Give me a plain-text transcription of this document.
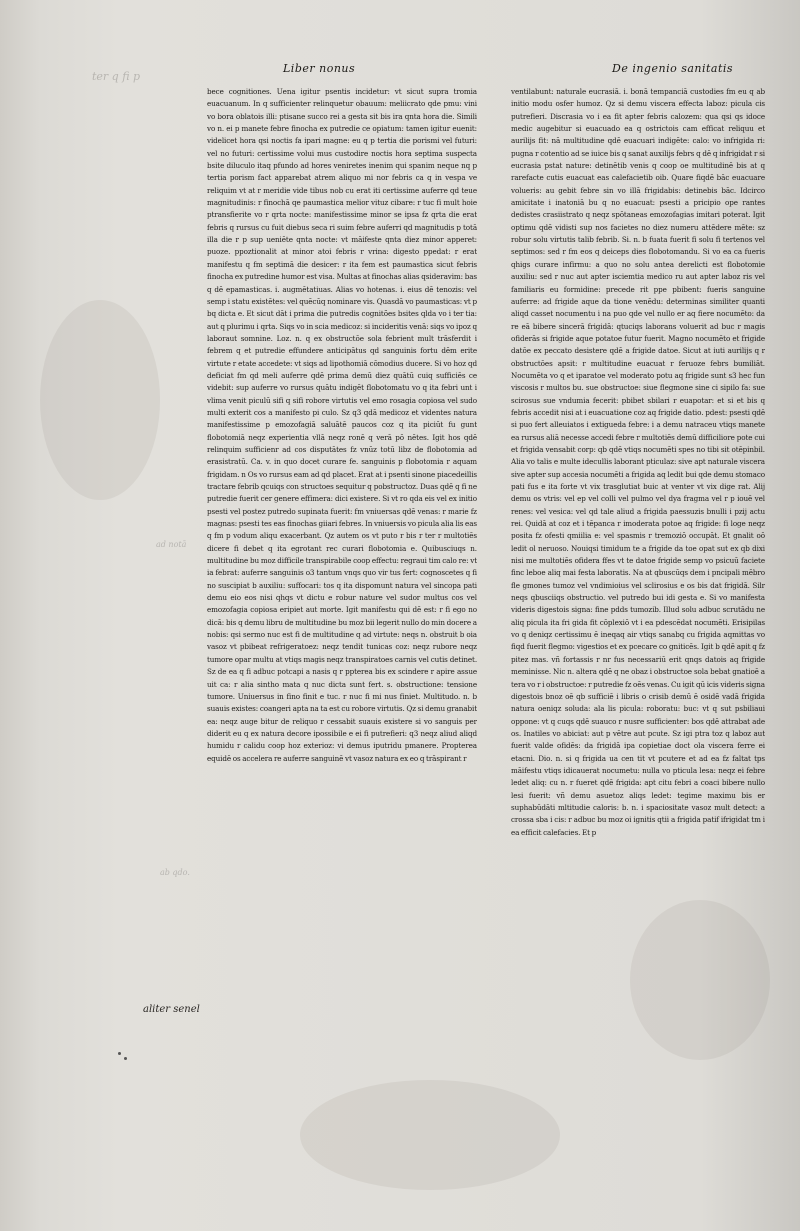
ter q fi p
ad notā
ab qdo.
Liber nonus	De ingenio sanitatis
bece cognitiones. Uena igitur psentis incidetur: vt sicut supra tromia euacuanum. In q sufficienter relinquetur obauum: meliicrato qde pmu: vini vo bora oblatois illi: ptisane succo rei a gesta sit bis ira qnta hora die. Simili vo n. ei p manete febre finocha ex putredie ce opiatum: tamen igitur euenit: videlicet hora qsi noctis fa ipari magne: eu q p tertia die porismi vel futuri: vel no futuri: certissime volui mus custodire noctis hora septima suspecta bsite diluculo itaq pfundo ad hores veniretes inenim qui spanim neque nq p tertia porism fact apparebat atrem aliquo mi nor febris ca q in vespa ve reliquim vt at r meridie vide tibus nob cu erat iti certissime auferre qd teue magnitudinis: r finochā qe paumastica melior vituz cibare: r tuc fi mult hoie ptransfierite vo r qrta nocte: manifestissime minor se ipsa fz qrta die erat febris q rursus cu fuit diebus seca ri suim febre auferri qd magnitudis p totā illa die r p sup ueniēte qnta nocte: vt māifeste qnta diez minor apperet: puoze. ppoztionalit at minor atoi febris r vrina: digesto ppedat: r erat manifestu q fm septimā die desicer: r ita fem est paumastica sicut febris finocha ex putredine humor est visa. Multas at finochas alias qsideravim: bas q dē epamasticas. i. augmētatiuas. Alias vo hotenas. i. eius dē tenozis: vel semp i statu existētes: vel quēcūq nominare vis. Quasdā vo paumasticas: vt p bq dicta e. Et sicut dāt i prima die putredis cognitões bsites qlda vo i ter tia: aut q plurimu i qrta. Siqs vo in scia medicoz: si incideritis venā: siqs vo ipoz q laboraut somnine. Loz. n. q ex obstructōe sola febrient mult trāsferdit i febrem q et putredie effundere anticipātus qd sanguinis fortu dēm erite virtute r etate accedete: vt siqs ad lipothomiā cōmodius ducere. Si vo hoz qd deficiat fm qd meli auferre qdē prima demū diez quātū cuiq sufficiēs ce videbit: sup auferre vo rursus quātu indigēt flobotomatu vo q ita febri unt i vlima venit piculū sifi q sifi robore virtutis vel emo rosagia copiosa vel sudo multi exterit cos a manifesto pi culo. Sz q3 qdā medicoz et videntes natura manifestissime p emozofagiā saluātē paucos coz q ita piciūt fu gunt flobotomiā neqz experientia vllā neqz ronē q verā pō nētes. Igit hos qdē relinquim sufficienr ad cos disputātes fz vnūz totū libz de flobotomia ad erasistratū. Ca. v. in quo docet curare fe. sanguinis p flobotomia r aquam frigidam. n Os vo rursus eam ad qd placet. Erat at i psenti sinone piacedeillis tractare febrib qcuiqs con structoes sequitur q pobstructoz. Duas qdē q fi ne putredie fuerit cer genere effimera: dici existere. Si vt ro qda eis vel ex initio psesti vel postez putredo supinata fuerit: fm vniuersas qdē venas: r marie fz magnas: psesti tes eas finochas giiari febres. In vniuersis vo picula alia lis eas q fm p vodum aliqu exacerbant. Qz autem os vt puto r bis r ter r multotiēs dicere fi debet q ita egrotant rec curari flobotomia e. Quibusciuqs n. multitudine bu moz difficile transpirabile coop effectu: regraui tim calo re: vt ia febrat: auferre sanguinis o3 tantum vnqs quo vir tus fert: cognoscetes q fi no suscipiat b auxiliu: suffocari: tos q ita dispomunt natura vel sincopa pati demu eio eos nisi qhqs vt dictu e robur nature vel sudor multus cos vel emozofagia copiosa eripiet aut morte. Igit manifestu qui dē est: r fi ego no dicā: bis q demu libru de multitudine bu moz bii legerit nullo do min docere a nobis: qsi sermo nuc est fi de multitudine q ad virtute: neqs n. obstruit b oia vasoz vt pbibeat refrigeratoez: neqz tendit tunicas coz: neqz rubore neqz tumore opar multu at vtiqs magis neqz transpiratoes carnis vel cutis detinet. Sz de ea q fi adbuc potcapi a nasis q r ppterea bis ex scindere r apire assue uit ca: r alia sintho mata q nuc dicta sunt fert. s. obstructione: tensione tumore. Uniuersus in fino finit e tuc. r nuc fi mi nus finiet. Multitudo. n. b suauis existes: coangeri apta na ta est cu robore virtutis. Qz si demu granabit ea: neqz auge bitur de reliquo r cessabit suauis existere si vo sanguis per diderit eu q ex natura decore ipossibile e ei fi putrefieri: q3 neqz aliud aliqd humidu r calidu coop hoz exterioz: vi demus iputridu pmanere. Propterea equidē os accelera re auferre sanguinē vt vasoz natura ex eo q trāspirant r
ventilabunt: naturale eucrasiā. i. bonā tempanciā custodies fm eu q ab initio modu osfer humoz. Qz si demu viscera effecta laboz: picula cis putrefieri. Discrasia vo i ea fit apter febris calozem: qua qsi qs idoce medic augebitur si euacuado ea q ostrictois cam efficat reliquu et aurilijs fit: nā multitudine qdē euacuari indigēte: calo: vo infrigida ri: pugna r cotentio ad se iuice bis q sanat auxilijs febrs q dē q infrigidat r si eucrasia pstat nature: detinētib venis q coop oe multitudinē bis at q rarefacte cutis euacuat eas calefacietib oib. Quare fiqdē bāc euacuare volueris: au gebit febre sin vo illā frigidabis: detinebis bāc. Idcirco amicitate i inatoniā bu q no euacuat: psesti a pricipio ope rantes dedistes crasiistrato q neqz spōtaneas emozofagias imitari poterat. Igit optimu qdē vidisti sup nos facietes no diez numeru attēdere mēte: sz robur solu virtutis talib febrib. Si. n. b fuata fuerit fi solu fi tertenos vel septimos: sed r fm eos q deiceps dies flobotomandu. Si vo ea ca fueris qhigs curare infirmu: a quo no solu antea derelicti est flobotomie auxiliu: sed r nuc aut apter isciemtia medico ru aut apter laboz ris vel familiaris eu formidine: precede rit ppe pbibent: fueris sanguine auferre: ad frigide aque da tione venēdu: determinas similiter quanti aliqd casset nocumentu i na puo qde vel nullo er aq fiere nocumēto: da re eā bibere sincerā frigidā: qtuciqs laborans voluerit ad buc r magis ofiderās si frigide aque potatoe futur fuerit. Magno nocumēto et frigide datōe ex peccato desistere qdē a frigide datoe. Sicut at iuti aurilijs q r obstructōes apsit: r multitudine euacuat r feruoze febrs bumiliāt. Nocumēta vo q et iparatoe vel moderato potu aq frigide sunt s3 hec fun viscosis r multos bu. sue obstructoe: siue flegmone sine ci sipilo fa: sue scirosus sue vndumia fecerit: pbibet sbilari r euapotar: et si et bis q febris accedit nisi at i euacuatione coz aq frigide datio. pdest: psesti qdē si puo fert alleuiatos i extigueda febre: i a demu natraceu vtiqs manete ea rursus aliā necesse accedi febre r multotiēs demū difficiliore pote cui et frigida vensabit corp: qb qdē vtiqs nocumēti spes no tibi sit otēpinbil. Alia vo talis e multe idecullis laborant pticulaz: sive apt naturale viscera sive apter sup accesia nocumēti a frigida aq ledit bui qde demu stomaco pati fus e ita forte vt vix trasglutiat buic at venter vt vix dige rat. Alij demu os vtris: vel ep vel colli vel pulmo vel dya fragma vel r p iouē vel renes: vel vesica: vel qd tale aliud a frigida paessuzis bnulli i pzij actu rei. Quidā at coz et i tēpanca r imoderata potoe aq frigide: fi loge neqz posita fz ofesti qmiilia e: vel spasmis r tremoziō occupāt. Et gnalit oō ledit ol neruoso. Nouiqsi timidum te a frigide da toe opat sut ex qb dixi nisi me multotiēs ofidera ffes vt te datoe frigide semp vo psicuū faciete finc leboe aliq mai festa laboratis. Na at qbuscūqs dem i pncipali mēbro fle gmones tumoz vel vndimioius vel sclirosius e os bis dat frigidā. Silr neqs qbusciiqs obstructio. vel putredo bui idi gesta e. Si vo manifesta videris digestois signa: fine pdds tumozib. Illud solu adbuc scrutādu ne aliq picula ita fri gida fit cōplexiō vt i ea pdescēdat nocumēti. Erisipilas vo q deniqz certissimu ē ineqaq air vtiqs sanabq cu frigida aqmittas vo fiqd fuerit flegmo: vigestios et ex pcecare co gniticēs. Igit b qdē apit q fz pitez mas. vñ fortassis r nr fus necessariū erit qnqs datois aq frigide meminisse. Nic n. altera qdē q ne obaz i obstructoe sola bebat gnatioē a tera vo r i obstructoe: r putredie fz oēs venas. Cu igit qū icis videris signa digestois bnoz oē qb sufficiē i libris o crisib demū ē osidē vadā frigida natura oeniqz soluda: ala lis picula: roboratu: buc: vt q sut psbiliaui oppone: vt q cuqs qdē suauco r nusre sufficienter: bos qdē attrabat ade os. Inatiles vo abiciat: aut p vētre aut pcute. Sz igi ptra toz q laboz aut fuerit valde ofidēs: da frigidā ipa copietiae doct ola viscera ferre ei etacni. Dio. n. si q frigida ua cen tit vt pcutere et ad ea fz faltat tps māifestu vtiqs idicauerat nocumetu: nulla vo pticula lesa: neqz ei febre ledet aliq: cu n. r fueret qdē frigida: apt citu febri a coaci bibere nullo lesi fuerit: vñ demu asuetoz aliqs ledet: tegime maximu bis er suphabūdāti mltitudie caloris: b. n. i spaciositate vasoz mult detect: a crossa sba i cis: r adbuc bu moz oi ignitis qtii a frigida patif ifrigidat tm i ea efficit calefacies. Et p
aliter senel
